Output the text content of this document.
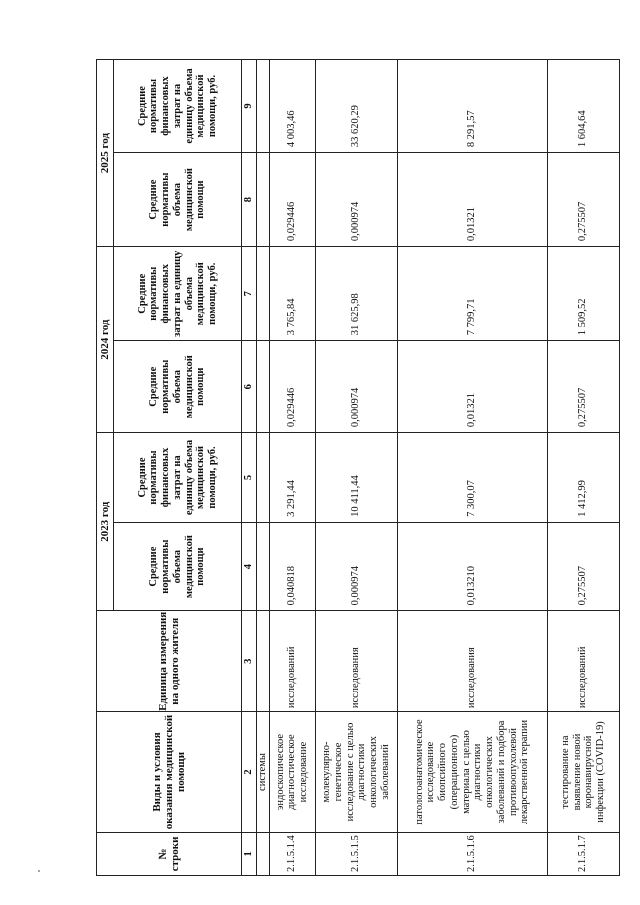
№ строки	Виды и условия оказания медицинской помощи	Единица измерения на одного жителя	2023 год		2024 год		2025 год	
			Средние нормативы объема медицинской помощи	Средние нормативы финансовых затрат на единицу объема медицинской помощи, руб.	Средние нормативы объема медицинской помощи	Средние нормативы финансовых затрат на единицу объема медицинской помощи, руб.	Средние нормативы объема медицинской помощи	Средние нормативы финансовых затрат на единицу объема медицинской помощи, руб.
1	2	3	4	5	6	7	8	9
	системы							
2.1.5.1.4	эндоскопическое диагностическое исследование	исследований	0,040818	3 291,44	0,029446	3 765,84	0,029446	4 003,46
2.1.5.1.5	молекулярно-генетическое исследование с целью диагностики онкологических заболеваний	исследования	0,000974	10 411,44	0,000974	31 625,98	0,000974	33 620,29
2.1.5.1.6	патологоанатомическое исследование биопсийного (операционного) материала с целью диагностики онкологических заболеваний и подбора противоопухолевой лекарственной терапии	исследования	0,013210	7 300,07	0,01321	7 799,71	0,01321	8 291,57
2.1.5.1.7	тестирование на выявление новой коронавирусной инфекции (COVID-19)	исследований	0,275507	1 412,99	0,275507	1 509,52	0,275507	1 604,64
